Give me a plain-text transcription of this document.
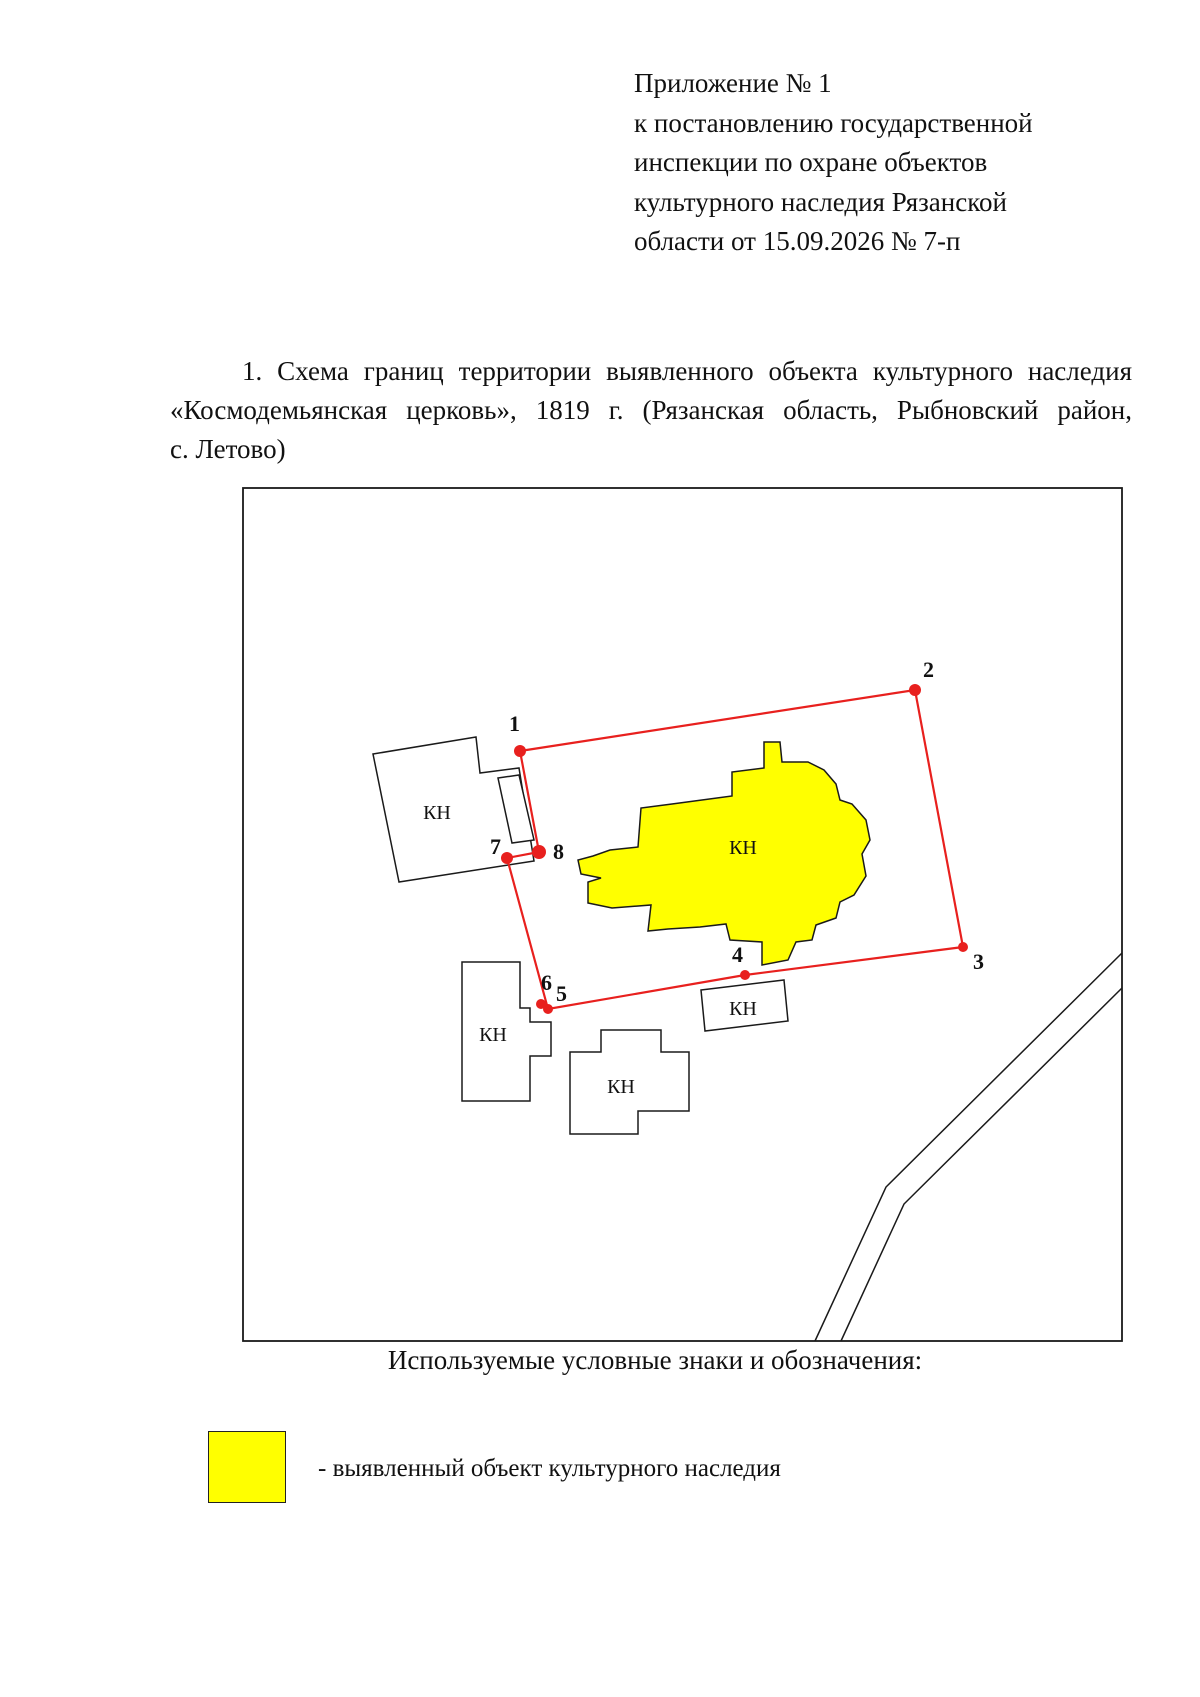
Приложение № 1
к постановлению государственной
инспекции по охране объектов
культурного наследия Рязанской
области от 15.09.2026 № 7-п
1. Схема границ территории выявленного объекта культурного наследия
«Космодемьянская церковь», 1819 г. (Рязанская область, Рыбновский район,
с. Летово)
КН
КН
КН
КН
КН
1
2
3
4
5
6
7 8
Используемые условные знаки и обозначения:
- выявленный объект культурного наследия
